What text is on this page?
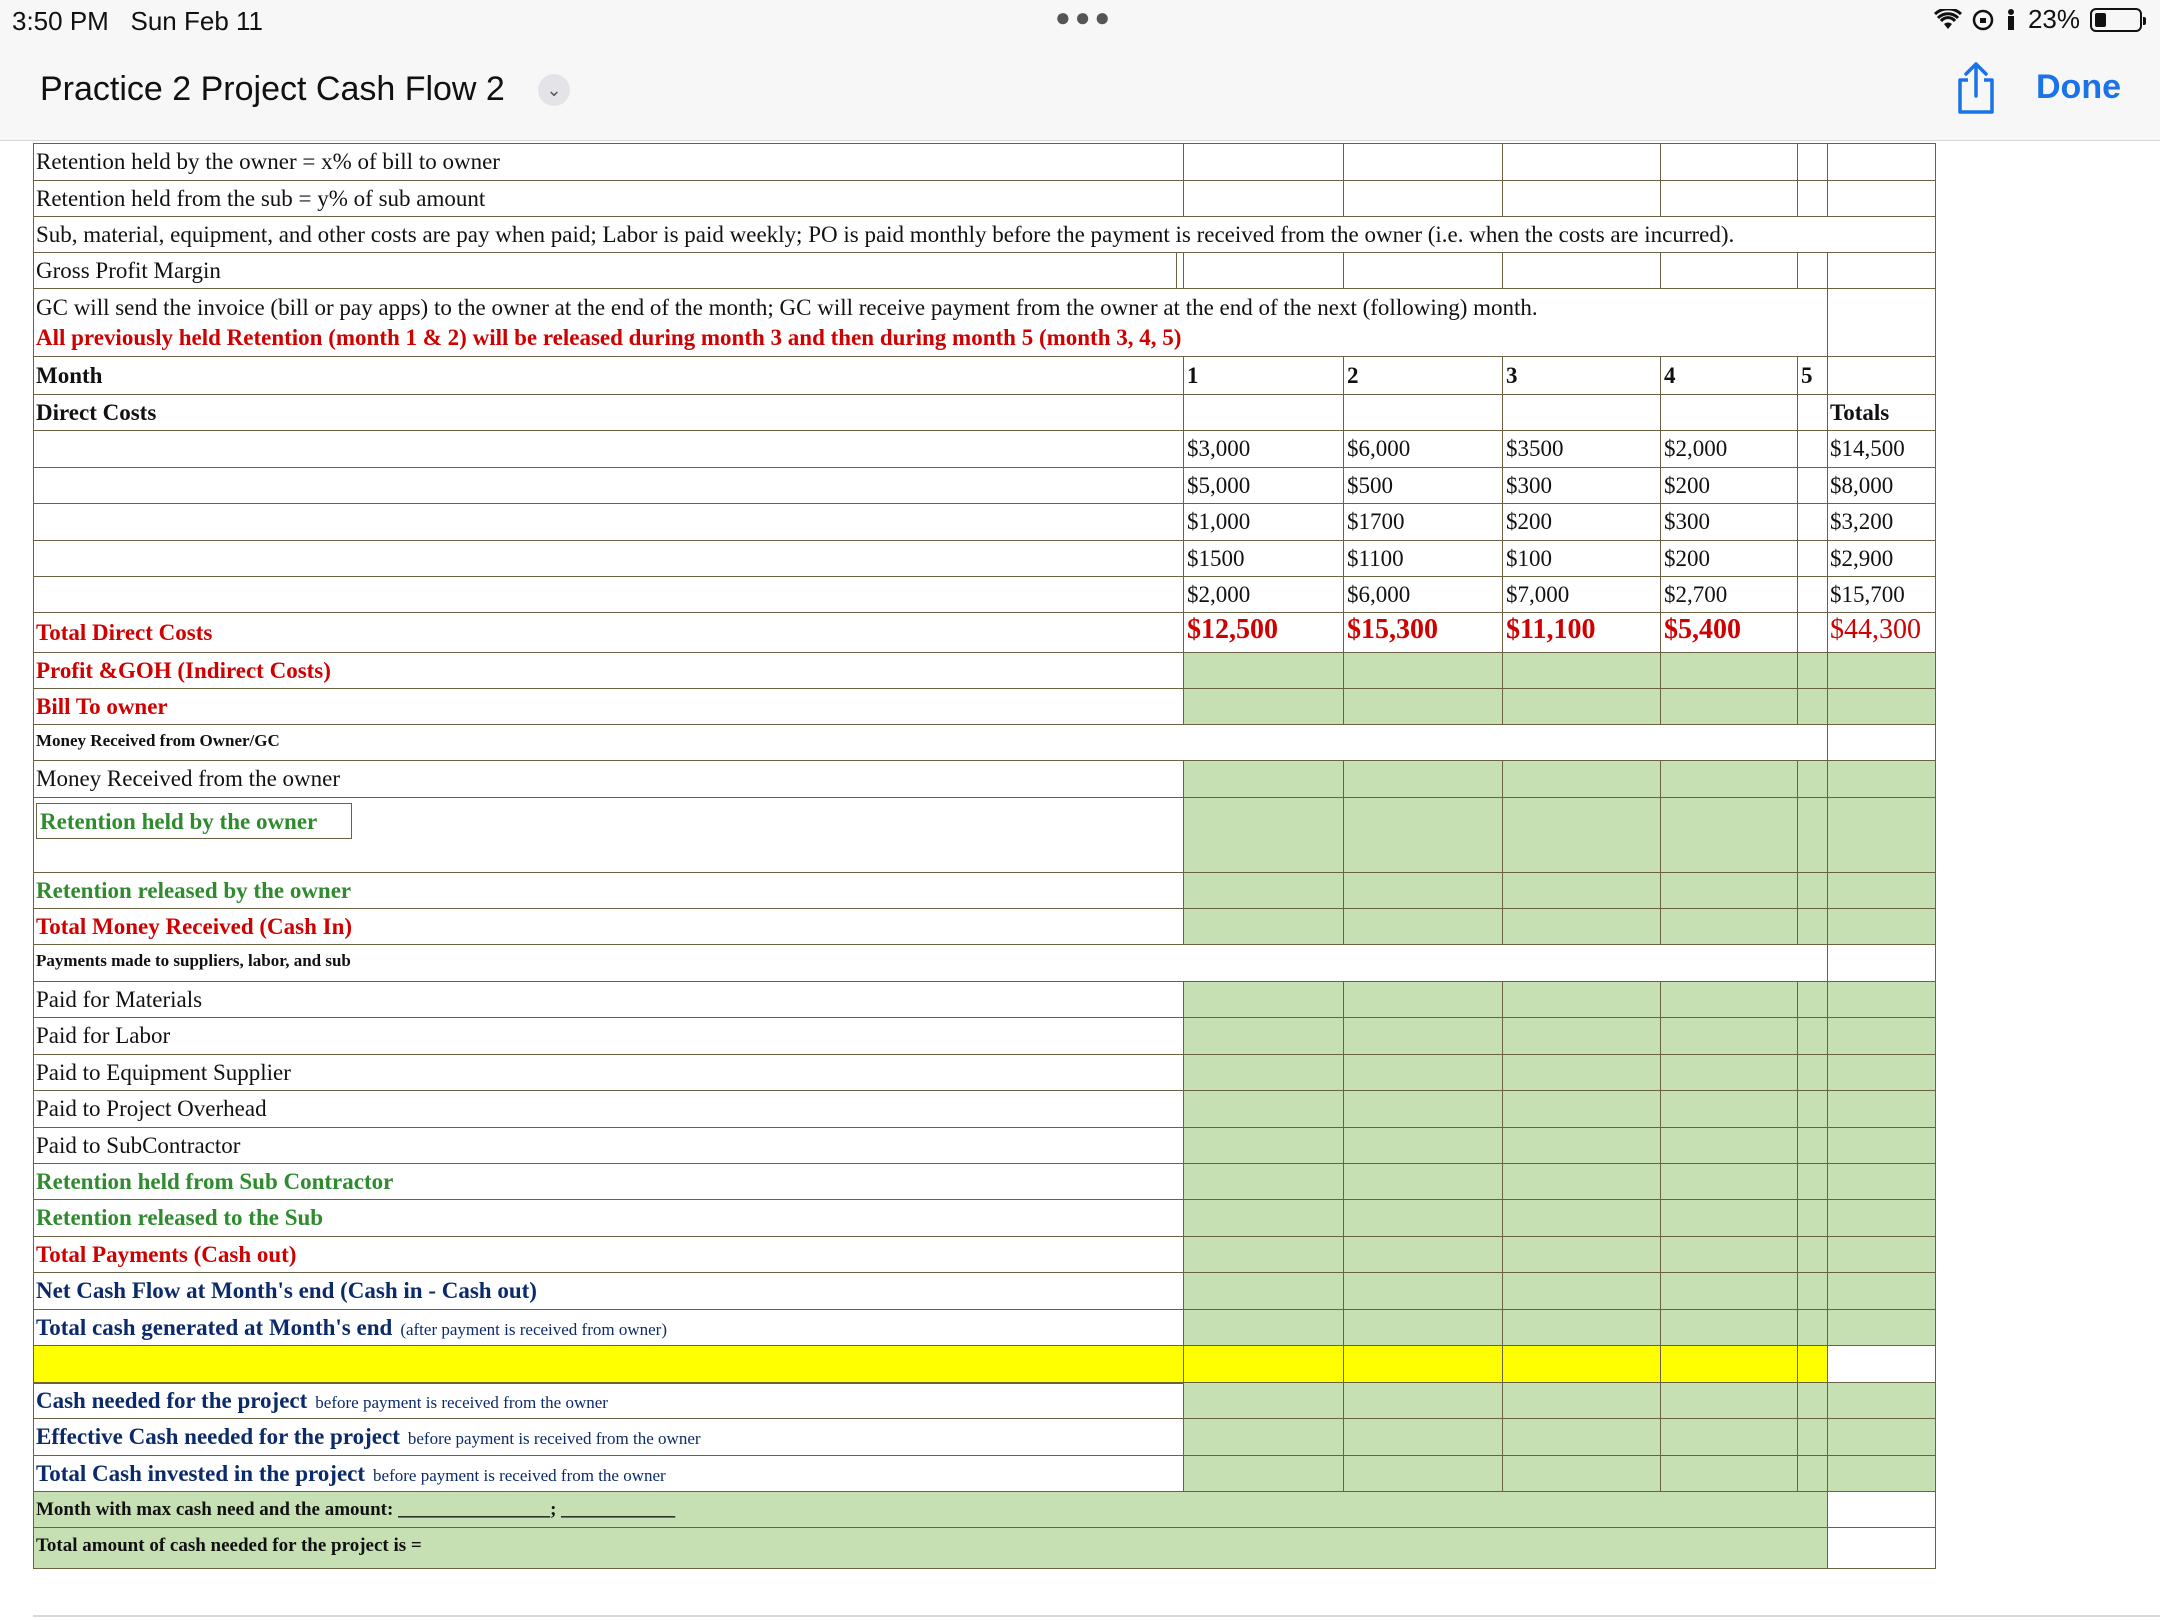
3:50 PM Sun Feb 11	●●●	23%
Practice 2 Project Cash Flow 2	⌄	Done
Retention held by the owner = x% of bill to owner
Retention held from the sub = y% of sub amount
Sub, material, equipment, and other costs are pay when paid; Labor is paid weekly; PO is paid monthly before the payment is received from the owner (i.e. when the costs are incurred).
Gross Profit Margin
GC will send the invoice (bill or pay apps) to the owner at the end of the month; GC will receive payment from the owner at the end of the next (following) month.
All previously held Retention (month 1 & 2) will be released during month 3 and then during month 5 (month 3, 4, 5)
Month	1	2	3	4	5
Direct Costs	Totals
$3,000	$6,000	$3500	$2,000	$14,500
$5,000	$500	$300	$200	$8,000
$1,000	$1700	$200	$300	$3,200
$1500	$1100	$100	$200	$2,900
$2,000	$6,000	$7,000	$2,700	$15,700
Total Direct Costs	$12,500 $15,300 $11,100 $5,400	$44,300
Profit &GOH (Indirect Costs)
Bill To owner
Money Received from Owner/GC
Money Received from the owner
Retention held by the owner
Retention released by the owner
Total Money Received (Cash In)
Payments made to suppliers, labor, and sub
Paid for Materials
Paid for Labor
Paid to Equipment Supplier
Paid to Project Overhead
Paid to SubContractor
Retention held from Sub Contractor
Retention released to the Sub
Total Payments (Cash out)
Net Cash Flow at Month's end (Cash in - Cash out)
Total cash generated at Month's end (after payment is received from owner)
Cash needed for the project before payment is received from the owner
Effective Cash needed for the project before payment is received from the owner
Total Cash invested in the project before payment is received from the owner
Month with max cash need and the amount: ________________; ____________
Total amount of cash needed for the project is =
